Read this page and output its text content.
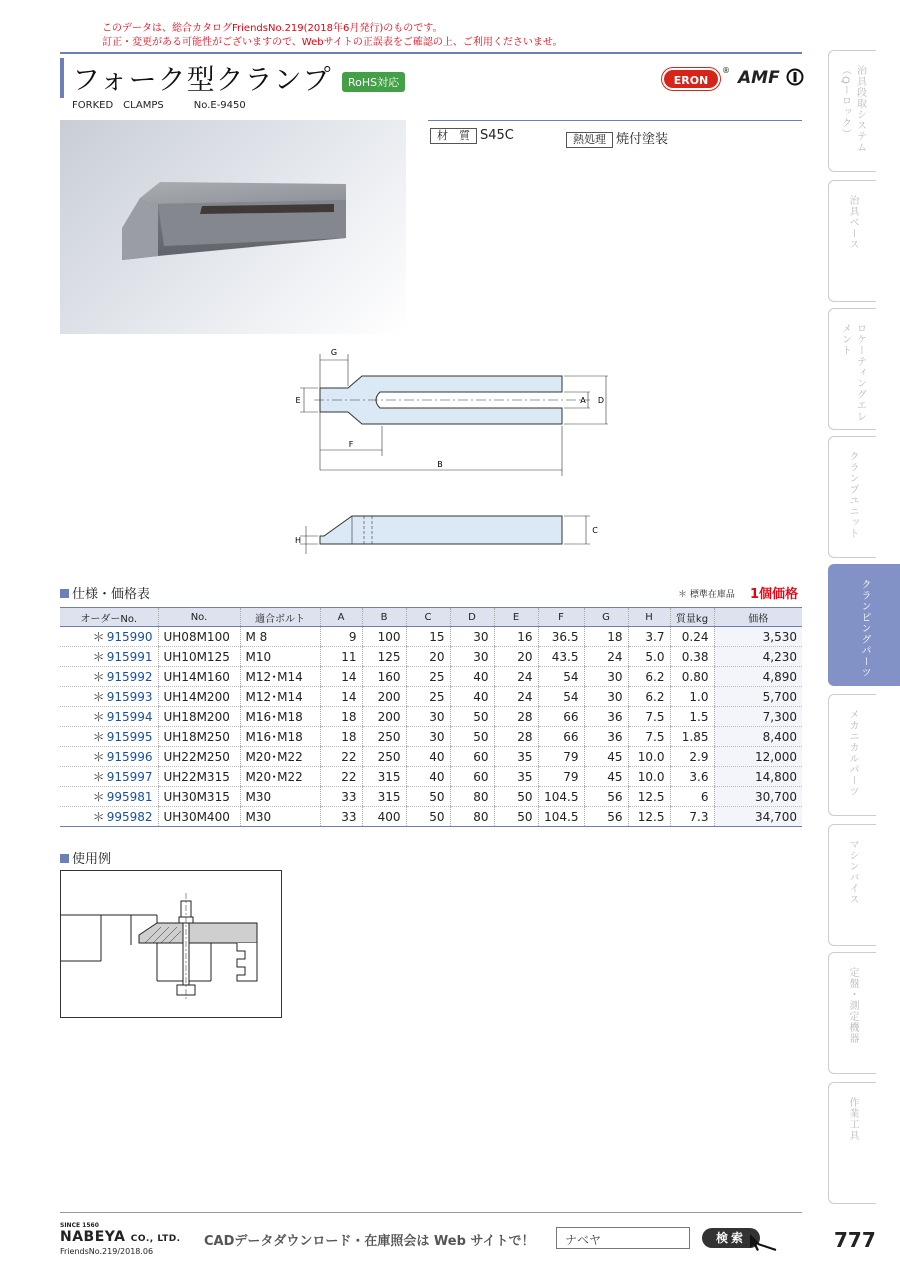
このデータは、総合カタログFriendsNo.219(2018年6月発行)のものです。
訂正・変更がある可能性がございますので、Webサイトの正誤表をご確認の上、ご利用くださいませ。
フォーク型クランプ	RoHS対応
FORKED　CLAMPS	No.E-9450
ERON
® AMF
材　質 S45C	熱処理 焼付塗装
G
E
F
B
A D
H
C
仕様・価格表	＊ 標準在庫品 1個価格
オーダーNo.	No.	適合ボルト	A	B	C	D	E	F	G	H	質量kg	価格
＊ 915990	UH08M100	M 8	9	100	15	30	16	36.5	18	3.7	0.24	3,530
＊ 915991	UH10M125	M10	11	125	20	30	20	43.5	24	5.0	0.38	4,230
＊ 915992	UH14M160	M12･M14	14	160	25	40	24	54	30	6.2	0.80	4,890
＊ 915993	UH14M200	M12･M14	14	200	25	40	24	54	30	6.2	1.0	5,700
＊ 915994	UH18M200	M16･M18	18	200	30	50	28	66	36	7.5	1.5	7,300
＊ 915995	UH18M250	M16･M18	18	250	30	50	28	66	36	7.5	1.85	8,400
＊ 915996	UH22M250	M20･M22	22	250	40	60	35	79	45	10.0	2.9	12,000
＊ 915997	UH22M315	M20･M22	22	315	40	60	35	79	45	10.0	3.6	14,800
＊ 995981	UH30M315	M30	33	315	50	80	50	104.5	56	12.5	6	30,700
＊ 995982	UH30M400	M30	33	400	50	80	50	104.5	56	12.5	7.3	34,700
使用例
治具段取システム（Qーロック）
治具ベース
ロケーティングエレメント
クランプユニット
クランピングパーツ
メカニカルパーツ
マシンバイス
定盤・測定機器
作業工具
SINCE 1560
NABEYA CO., LTD.
FriendsNo.219/2018.06
CADデータダウンロード・在庫照会は Web サイトで！	ナベヤ	検索	777
